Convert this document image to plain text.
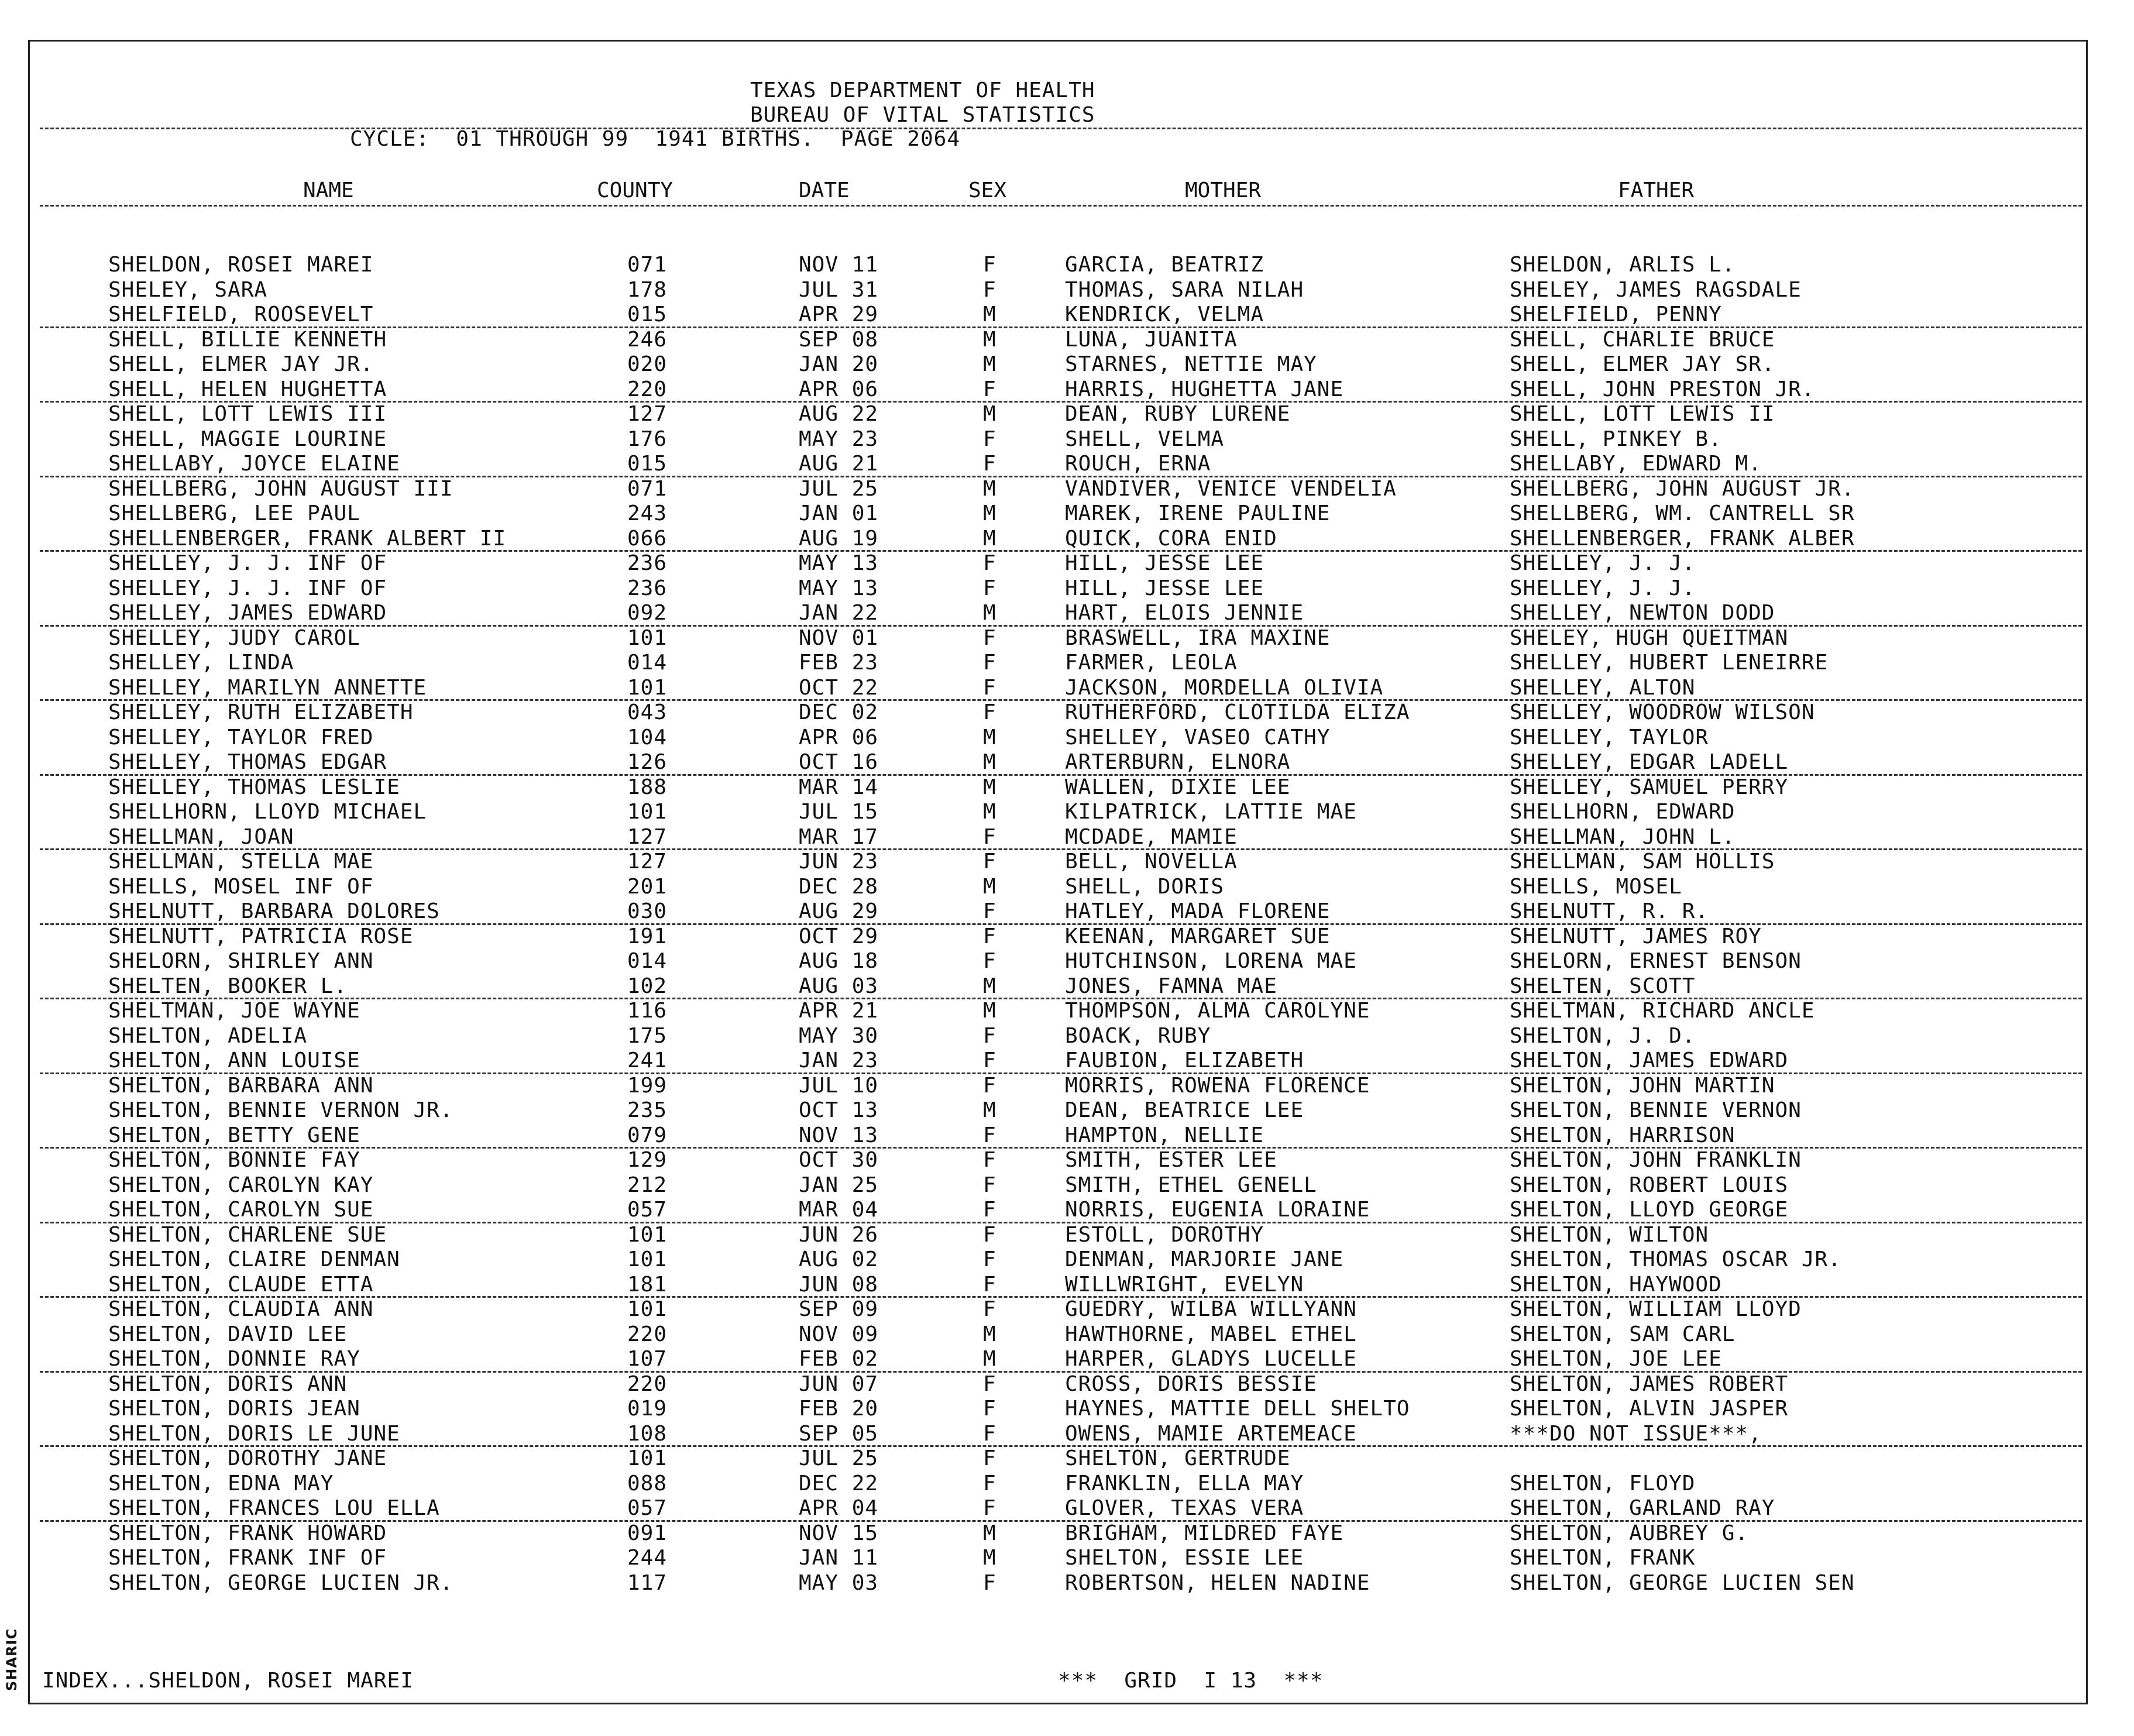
SHARIC
TEXAS DEPARTMENT OF HEALTH
BUREAU OF VITAL STATISTICS
CYCLE:  01 THROUGH 99  1941 BIRTHS.  PAGE 2064
NAME	COUNTY	DATE	SEX	MOTHER	FATHER
SHELDON, ROSEI MAREI	071	NOV 11	F	GARCIA, BEATRIZ	SHELDON, ARLIS L.
SHELEY, SARA	178	JUL 31	F	THOMAS, SARA NILAH	SHELEY, JAMES RAGSDALE
SHELFIELD, ROOSEVELT	015	APR 29	M	KENDRICK, VELMA	SHELFIELD, PENNY
SHELL, BILLIE KENNETH	246	SEP 08	M	LUNA, JUANITA	SHELL, CHARLIE BRUCE
SHELL, ELMER JAY JR.	020	JAN 20	M	STARNES, NETTIE MAY	SHELL, ELMER JAY SR.
SHELL, HELEN HUGHETTA	220	APR 06	F	HARRIS, HUGHETTA JANE	SHELL, JOHN PRESTON JR.
SHELL, LOTT LEWIS III	127	AUG 22	M	DEAN, RUBY LURENE	SHELL, LOTT LEWIS II
SHELL, MAGGIE LOURINE	176	MAY 23	F	SHELL, VELMA	SHELL, PINKEY B.
SHELLABY, JOYCE ELAINE	015	AUG 21	F	ROUCH, ERNA	SHELLABY, EDWARD M.
SHELLBERG, JOHN AUGUST III	071	JUL 25	M	VANDIVER, VENICE VENDELIA	SHELLBERG, JOHN AUGUST JR.
SHELLBERG, LEE PAUL	243	JAN 01	M	MAREK, IRENE PAULINE	SHELLBERG, WM. CANTRELL SR
SHELLENBERGER, FRANK ALBERT II	066	AUG 19	M	QUICK, CORA ENID	SHELLENBERGER, FRANK ALBER
SHELLEY, J. J. INF OF	236	MAY 13	F	HILL, JESSE LEE	SHELLEY, J. J.
SHELLEY, J. J. INF OF	236	MAY 13	F	HILL, JESSE LEE	SHELLEY, J. J.
SHELLEY, JAMES EDWARD	092	JAN 22	M	HART, ELOIS JENNIE	SHELLEY, NEWTON DODD
SHELLEY, JUDY CAROL	101	NOV 01	F	BRASWELL, IRA MAXINE	SHELEY, HUGH QUEITMAN
SHELLEY, LINDA	014	FEB 23	F	FARMER, LEOLA	SHELLEY, HUBERT LENEIRRE
SHELLEY, MARILYN ANNETTE	101	OCT 22	F	JACKSON, MORDELLA OLIVIA	SHELLEY, ALTON
SHELLEY, RUTH ELIZABETH	043	DEC 02	F	RUTHERFORD, CLOTILDA ELIZA	SHELLEY, WOODROW WILSON
SHELLEY, TAYLOR FRED	104	APR 06	M	SHELLEY, VASEO CATHY	SHELLEY, TAYLOR
SHELLEY, THOMAS EDGAR	126	OCT 16	M	ARTERBURN, ELNORA	SHELLEY, EDGAR LADELL
SHELLEY, THOMAS LESLIE	188	MAR 14	M	WALLEN, DIXIE LEE	SHELLEY, SAMUEL PERRY
SHELLHORN, LLOYD MICHAEL	101	JUL 15	M	KILPATRICK, LATTIE MAE	SHELLHORN, EDWARD
SHELLMAN, JOAN	127	MAR 17	F	MCDADE, MAMIE	SHELLMAN, JOHN L.
SHELLMAN, STELLA MAE	127	JUN 23	F	BELL, NOVELLA	SHELLMAN, SAM HOLLIS
SHELLS, MOSEL INF OF	201	DEC 28	M	SHELL, DORIS	SHELLS, MOSEL
SHELNUTT, BARBARA DOLORES	030	AUG 29	F	HATLEY, MADA FLORENE	SHELNUTT, R. R.
SHELNUTT, PATRICIA ROSE	191	OCT 29	F	KEENAN, MARGARET SUE	SHELNUTT, JAMES ROY
SHELORN, SHIRLEY ANN	014	AUG 18	F	HUTCHINSON, LORENA MAE	SHELORN, ERNEST BENSON
SHELTEN, BOOKER L.	102	AUG 03	M	JONES, FAMNA MAE	SHELTEN, SCOTT
SHELTMAN, JOE WAYNE	116	APR 21	M	THOMPSON, ALMA CAROLYNE	SHELTMAN, RICHARD ANCLE
SHELTON, ADELIA	175	MAY 30	F	BOACK, RUBY	SHELTON, J. D.
SHELTON, ANN LOUISE	241	JAN 23	F	FAUBION, ELIZABETH	SHELTON, JAMES EDWARD
SHELTON, BARBARA ANN	199	JUL 10	F	MORRIS, ROWENA FLORENCE	SHELTON, JOHN MARTIN
SHELTON, BENNIE VERNON JR.	235	OCT 13	M	DEAN, BEATRICE LEE	SHELTON, BENNIE VERNON
SHELTON, BETTY GENE	079	NOV 13	F	HAMPTON, NELLIE	SHELTON, HARRISON
SHELTON, BONNIE FAY	129	OCT 30	F	SMITH, ESTER LEE	SHELTON, JOHN FRANKLIN
SHELTON, CAROLYN KAY	212	JAN 25	F	SMITH, ETHEL GENELL	SHELTON, ROBERT LOUIS
SHELTON, CAROLYN SUE	057	MAR 04	F	NORRIS, EUGENIA LORAINE	SHELTON, LLOYD GEORGE
SHELTON, CHARLENE SUE	101	JUN 26	F	ESTOLL, DOROTHY	SHELTON, WILTON
SHELTON, CLAIRE DENMAN	101	AUG 02	F	DENMAN, MARJORIE JANE	SHELTON, THOMAS OSCAR JR.
SHELTON, CLAUDE ETTA	181	JUN 08	F	WILLWRIGHT, EVELYN	SHELTON, HAYWOOD
SHELTON, CLAUDIA ANN	101	SEP 09	F	GUEDRY, WILBA WILLYANN	SHELTON, WILLIAM LLOYD
SHELTON, DAVID LEE	220	NOV 09	M	HAWTHORNE, MABEL ETHEL	SHELTON, SAM CARL
SHELTON, DONNIE RAY	107	FEB 02	M	HARPER, GLADYS LUCELLE	SHELTON, JOE LEE
SHELTON, DORIS ANN	220	JUN 07	F	CROSS, DORIS BESSIE	SHELTON, JAMES ROBERT
SHELTON, DORIS JEAN	019	FEB 20	F	HAYNES, MATTIE DELL SHELTO	SHELTON, ALVIN JASPER
SHELTON, DORIS LE JUNE	108	SEP 05	F	OWENS, MAMIE ARTEMEACE	***DO NOT ISSUE***,
SHELTON, DOROTHY JANE	101	JUL 25	F	SHELTON, GERTRUDE
SHELTON, EDNA MAY	088	DEC 22	F	FRANKLIN, ELLA MAY	SHELTON, FLOYD
SHELTON, FRANCES LOU ELLA	057	APR 04	F	GLOVER, TEXAS VERA	SHELTON, GARLAND RAY
SHELTON, FRANK HOWARD	091	NOV 15	M	BRIGHAM, MILDRED FAYE	SHELTON, AUBREY G.
SHELTON, FRANK INF OF	244	JAN 11	M	SHELTON, ESSIE LEE	SHELTON, FRANK
SHELTON, GEORGE LUCIEN JR.	117	MAY 03	F	ROBERTSON, HELEN NADINE	SHELTON, GEORGE LUCIEN SEN
INDEX...SHELDON, ROSEI MAREI	***  GRID  I 13  ***
